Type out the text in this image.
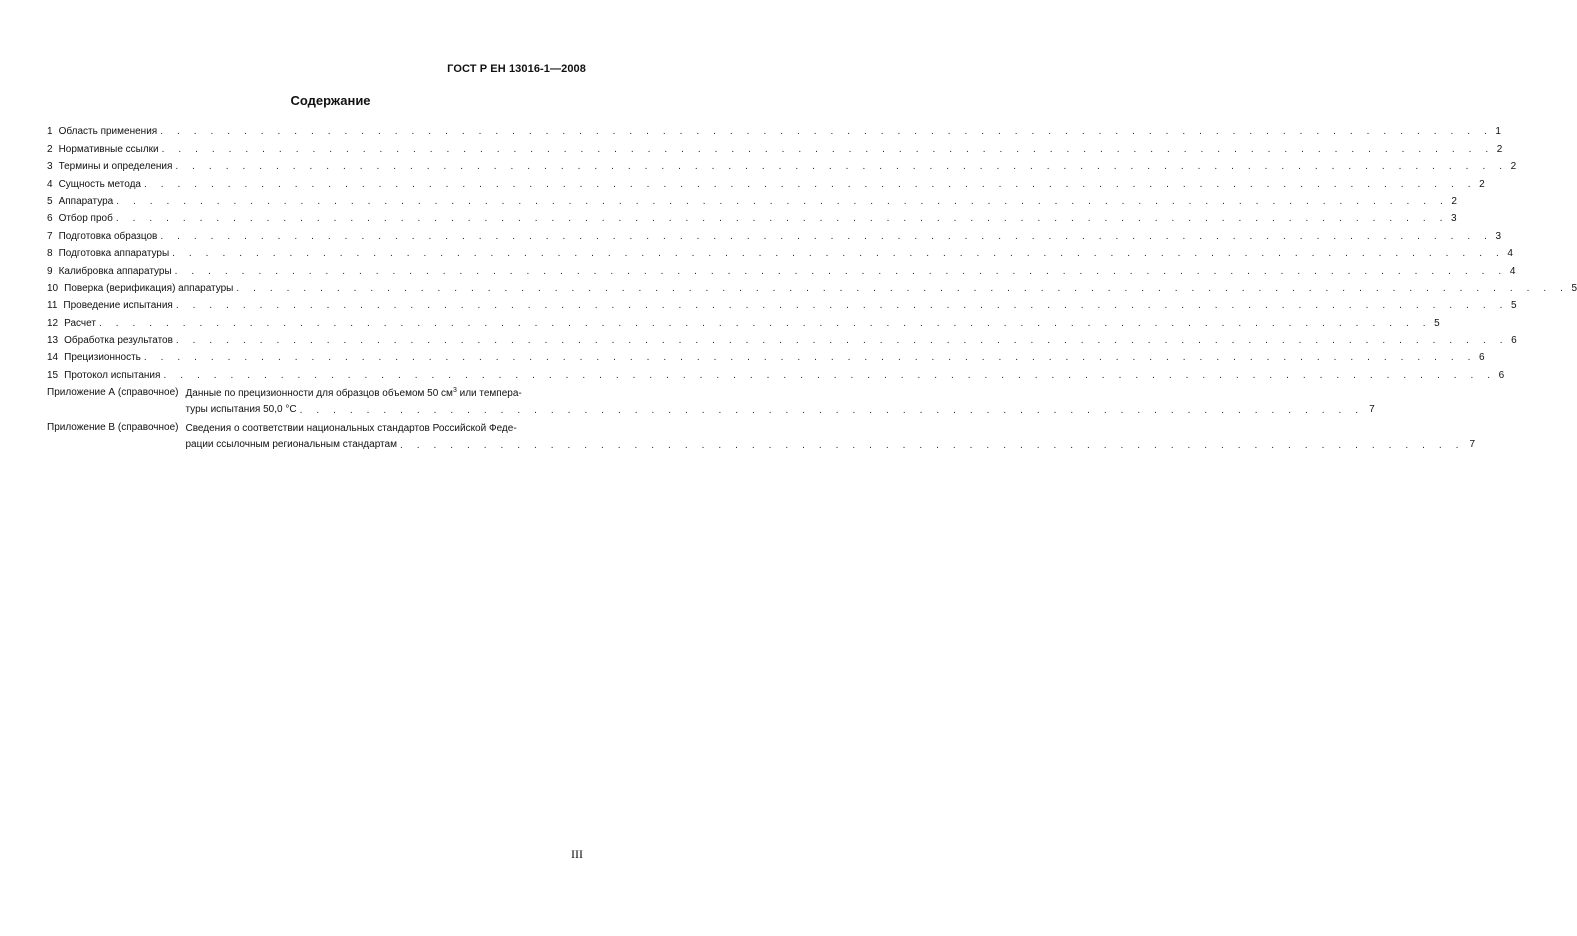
ГОСТ Р ЕН 13016-1—2008
Содержание
1 Область применения . . . . . . . . . . . . . . . . . . . . . . . . . . . . . . . . . . . . . . . . . . . . . . . . . . . . . . . . . . . . . . . . . . . . . . . . . . . . . . . . 1
2 Нормативные ссылки . . . . . . . . . . . . . . . . . . . . . . . . . . . . . . . . . . . . . . . . . . . . . . . . . . . . . . . . . . . . . . . . . . . . . . . . . . . . . . . . 2
3 Термины и определения . . . . . . . . . . . . . . . . . . . . . . . . . . . . . . . . . . . . . . . . . . . . . . . . . . . . . . . . . . . . . . . . . . . . . . . . . . . . . . . . 2
4 Сущность метода . . . . . . . . . . . . . . . . . . . . . . . . . . . . . . . . . . . . . . . . . . . . . . . . . . . . . . . . . . . . . . . . . . . . . . . . . . . . . . . . 2
5 Аппаратура . . . . . . . . . . . . . . . . . . . . . . . . . . . . . . . . . . . . . . . . . . . . . . . . . . . . . . . . . . . . . . . . . . . . . . . . . . . . . . . . 2
6 Отбор проб . . . . . . . . . . . . . . . . . . . . . . . . . . . . . . . . . . . . . . . . . . . . . . . . . . . . . . . . . . . . . . . . . . . . . . . . . . . . . . . . 3
7 Подготовка образцов . . . . . . . . . . . . . . . . . . . . . . . . . . . . . . . . . . . . . . . . . . . . . . . . . . . . . . . . . . . . . . . . . . . . . . . . . . . . . . . . 3
8 Подготовка аппаратуры . . . . . . . . . . . . . . . . . . . . . . . . . . . . . . . . . . . . . . . . . . . . . . . . . . . . . . . . . . . . . . . . . . . . . . . . . . . . . . . . 4
9 Калибровка аппаратуры . . . . . . . . . . . . . . . . . . . . . . . . . . . . . . . . . . . . . . . . . . . . . . . . . . . . . . . . . . . . . . . . . . . . . . . . . . . . . . . . 4
10 Поверка (верификация) аппаратуры . . . . . . . . . . . . . . . . . . . . . . . . . . . . . . . . . . . . . . . . . . . . . . . . . . . . . . . . . . . . . . . . . . . . . . . . . . . . . . . . 5
11 Проведение испытания . . . . . . . . . . . . . . . . . . . . . . . . . . . . . . . . . . . . . . . . . . . . . . . . . . . . . . . . . . . . . . . . . . . . . . . . . . . . . . . . 5
12 Расчет . . . . . . . . . . . . . . . . . . . . . . . . . . . . . . . . . . . . . . . . . . . . . . . . . . . . . . . . . . . . . . . . . . . . . . . . . . . . . . . . 5
13 Обработка результатов . . . . . . . . . . . . . . . . . . . . . . . . . . . . . . . . . . . . . . . . . . . . . . . . . . . . . . . . . . . . . . . . . . . . . . . . . . . . . . . . 6
14 Прецизионность . . . . . . . . . . . . . . . . . . . . . . . . . . . . . . . . . . . . . . . . . . . . . . . . . . . . . . . . . . . . . . . . . . . . . . . . . . . . . . . . 6
15 Протокол испытания . . . . . . . . . . . . . . . . . . . . . . . . . . . . . . . . . . . . . . . . . . . . . . . . . . . . . . . . . . . . . . . . . . . . . . . . . . . . . . . . 6
Приложение А (справочное) Данные по прецизионности для образцов объемом 50 $см^3$ или темпера-
туры испытания 50,0 °С . . . . . . . . . . . . . . . . . . . . . . . . . . . . . . . . . . . . . . . . . . . . . . . . . . . . . . . . . . . . . . . . 7
Приложение В (справочное) Сведения о соответствии национальных стандартов Российской Феде-
рации ссылочным региональным стандартам . . . . . . . . . . . . . . . . . . . . . . . . . . . . . . . . . . . . . . . . . . . . . . . . . . . . . . . . . . . . . . . . 7
III
